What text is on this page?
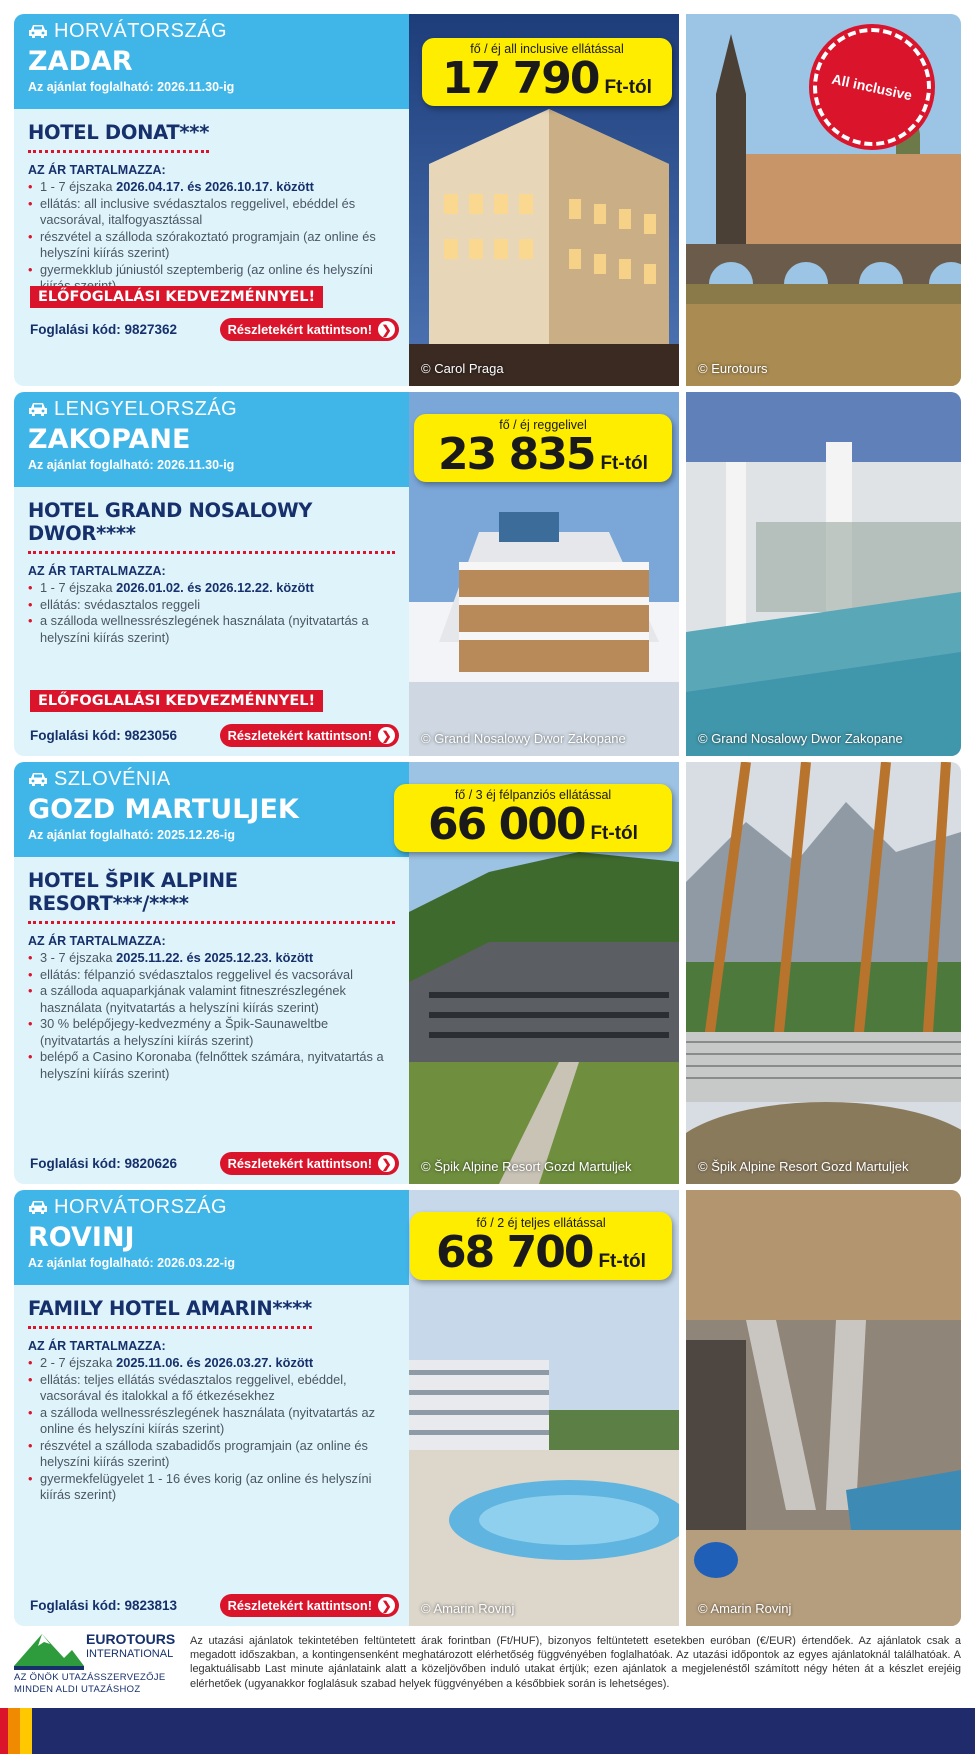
HORVÁTORSZÁG
ZADAR
Az ajánlat foglalható: 2026.11.30-ig
HOTEL DONAT***
AZ ÁR TARTALMAZZA:
• 1 - 7 éjszaka 2026.04.17. és 2026.10.17. között
• ellátás: all inclusive svédasztalos reggelivel, ebéddel és vacsorával, italfogyasztással
• részvétel a szálloda szórakoztató programjain (az online és helyszíni kiírás szerint)
• gyermekklub júniustól szeptemberig (az online és helyszíni
ELŐFOGLALÁSI KEDVEZMÉNNYEL!
Foglalási kód: 9827362	Részletekért kattintson! ❯
© Carol Praga
All inclusive
© Eurotours
fő / éj all inclusive ellátással
17 790 Ft-tól
LENGYELORSZÁG
ZAKOPANE
Az ajánlat foglalható: 2026.11.30-ig
HOTEL GRAND NOSALOWY DWOR****
AZ ÁR TARTALMAZZA:
• 1 - 7 éjszaka 2026.01.02. és 2026.12.22. között
• ellátás: svédasztalos reggeli
• a szálloda wellnessrészlegének használata (nyitvatartás a helyszíni kiírás szerint)
ELŐFOGLALÁSI KEDVEZMÉNNYEL!
Foglalási kód: 9823056	Részletekért kattintson! ❯ © Grand Nosalowy Dwor Zakopane	© Grand Nosalowy Dwor Zakopane
fő / éj reggelivel
23 835 Ft-tól
SZLOVÉNIA
GOZD MARTULJEK
Az ajánlat foglalható: 2025.12.26-ig
HOTEL ŠPIK ALPINE RESORT***/****
AZ ÁR TARTALMAZZA:
• 3 - 7 éjszaka 2025.11.22. és 2025.12.23. között
• ellátás: félpanzió svédasztalos reggelivel és vacsorával
• a szálloda aquaparkjának valamint fitneszrészlegének használata (nyitvatartás a helyszíni kiírás szerint)
• 30 % belépőjegy-kedvezmény a Špik-Saunaweltbe (nyitvatartás a helyszíni kiírás szerint)
• belépő a Casino Koronaba (felnőttek számára, nyitvatartás a helyszíni kiírás szerint)
Foglalási kód: 9820626	Részletekért kattintson! ❯ © Špik Alpine Resort Gozd Martuljek	© Špik Alpine Resort Gozd Martuljek
fő / 3 éj félpanziós ellátással
66 000 Ft-tól
HORVÁTORSZÁG
ROVINJ
Az ajánlat foglalható: 2026.03.22-ig
FAMILY HOTEL AMARIN****
AZ ÁR TARTALMAZZA:
• 2 - 7 éjszaka 2025.11.06. és 2026.03.27. között
• ellátás: teljes ellátás svédasztalos reggelivel, ebéddel, vacsorával és italokkal a fő étkezésekhez
• a szálloda wellnessrészlegének használata (nyitvatartás az online és helyszíni kiírás szerint)
• részvétel a szálloda szabadidős programjain (az online és helyszíni kiírás szerint)
• gyermekfelügyelet 1 - 16 éves korig (az online és helyszíni kiírás szerint)
Foglalási kód: 9823813	Részletekért kattintson! ❯ © Amarin Rovinj	© Amarin Rovinj
fő / 2 éj teljes ellátással
68 700 Ft-tól
EUROTOURS
INTERNATIONAL
AZ ÖNÖK UTAZÁSSZERVEZŐJE
MINDEN ALDI UTAZÁSHOZ
Az utazási ajánlatok tekintetében feltüntetett árak forintban (Ft/HUF), bizonyos feltüntetett esetekben euróban (€/EUR) értendőek. Az ajánlatok csak a megadott időszakban, a kontingensenként meghatározott elérhetőség függvényében foglalhatóak. Az utazási időpontok az egyes ajánlatoknál találhatóak. A legaktuálisabb Last minute ajánlataink alatt a közeljövőben induló utakat értjük; ezen ajánlatok a megjelenéstől számított négy héten át a készlet erejéig elérhetőek (ugyanakkor foglalásuk szabad helyek függvényében a későbbiek során is lehetséges).
